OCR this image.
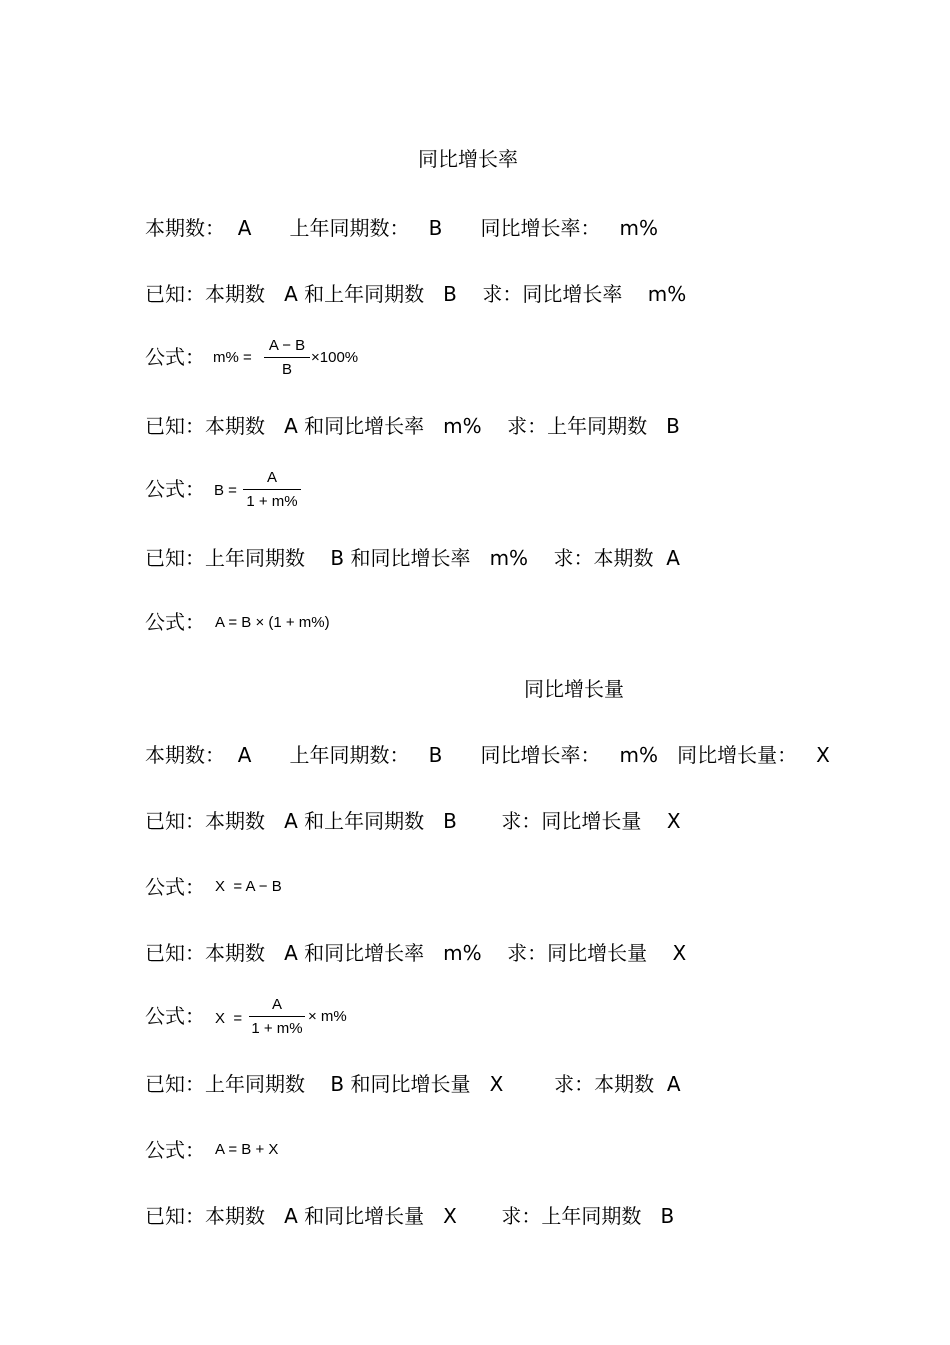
同比增长率
本期数：  A      上年同期数：   B      同比增长率：   m%
已知：本期数   A 和上年同期数   B    求：同比增长率    m%
公式： m% =
A − B
B
×100%
已知：本期数   A 和同比增长率   m%    求：上年同期数   B
公式： B =
A
1 + m%
已知：上年同期数    B 和同比增长率   m%    求：本期数  A
公式： A = B × (1 + m%)
同比增长量
本期数：  A      上年同期数：   B      同比增长率：   m%   同比增长量：   X
已知：本期数   A 和上年同期数   B       求：同比增长量    X
公式： X  = A − B
已知：本期数   A 和同比增长率   m%    求：同比增长量    X
公式： X  =
A
1 + m%
× m%
已知：上年同期数    B 和同比增长量   X        求：本期数  A
公式： A = B + X
已知：本期数   A 和同比增长量   X       求：上年同期数   B
